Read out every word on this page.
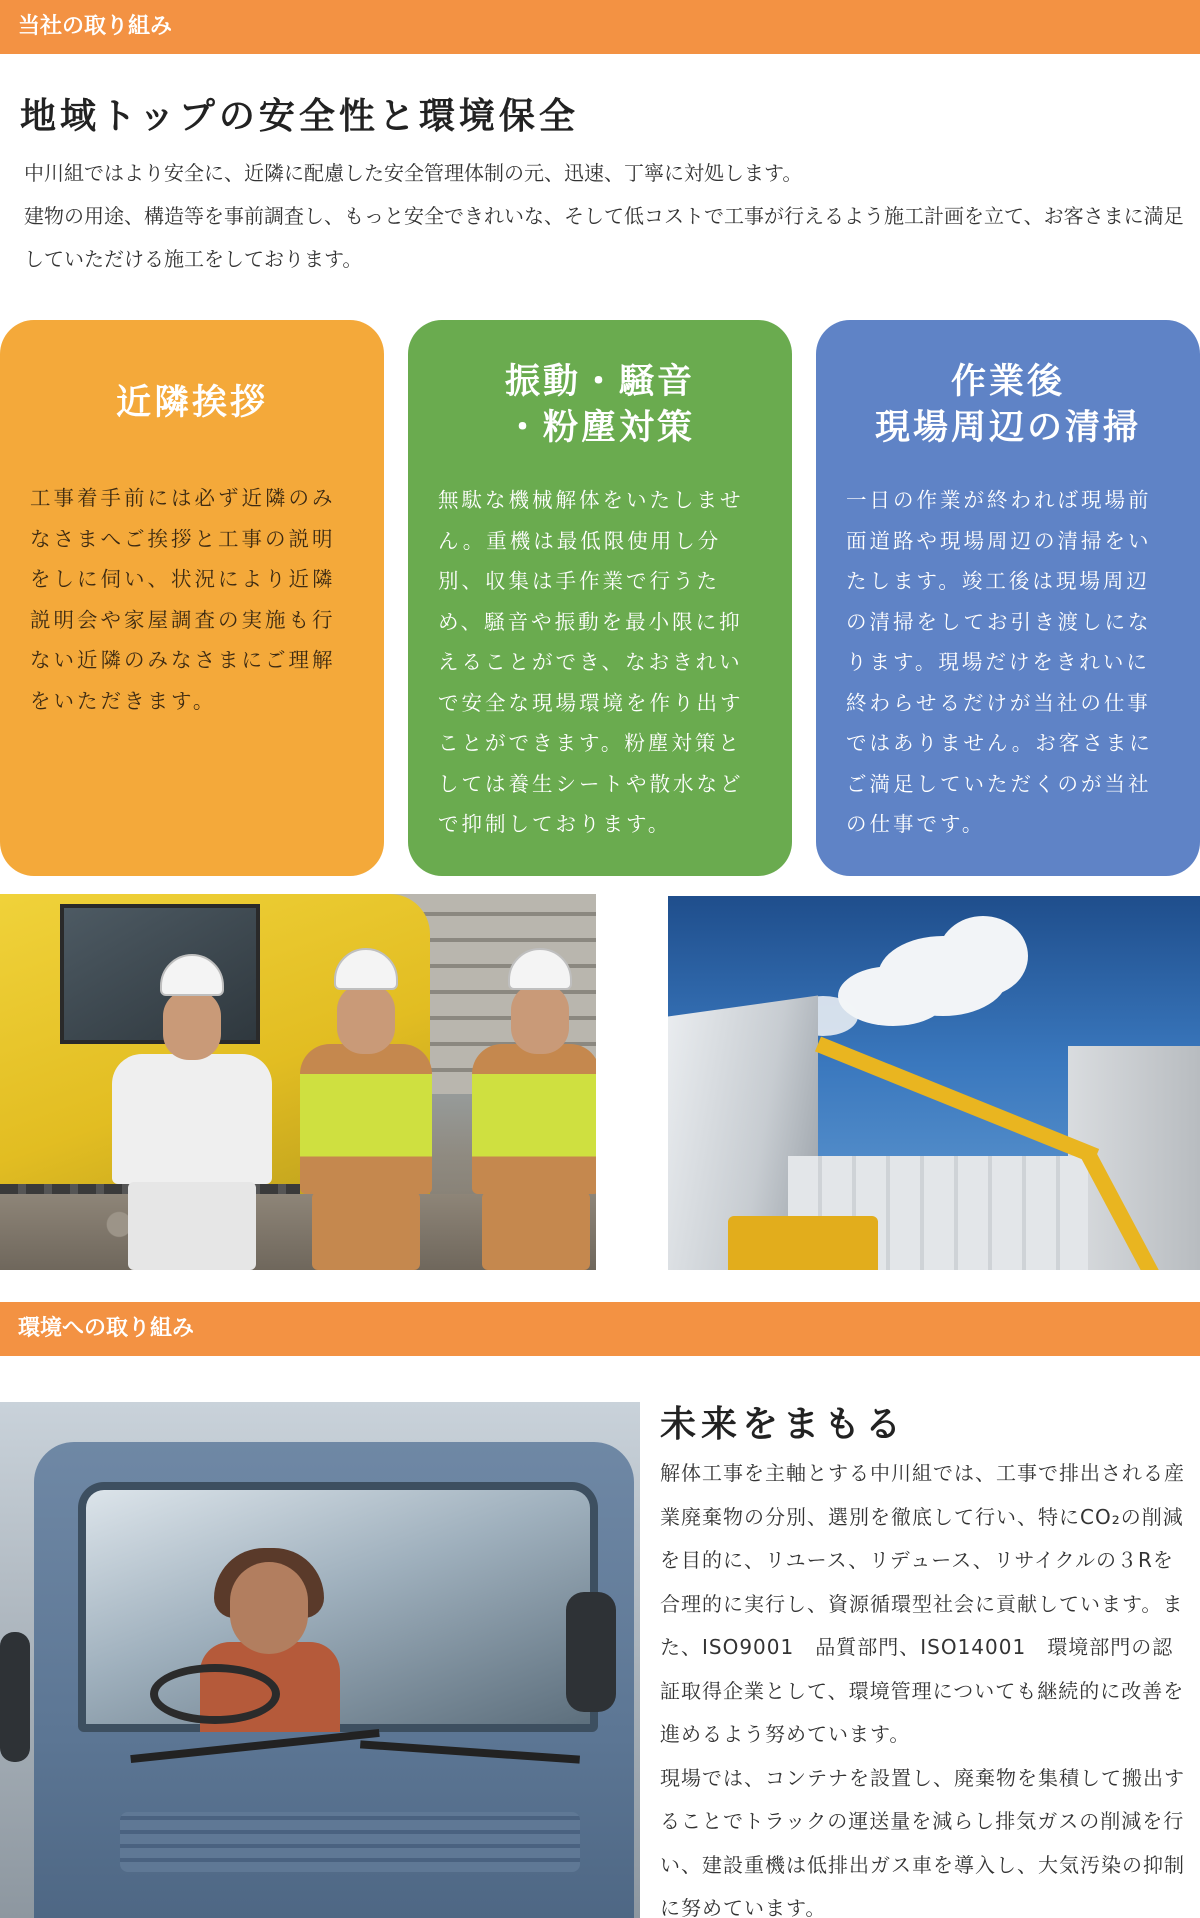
当社の取り組み
地域トップの安全性と環境保全

中川組ではより安全に、近隣に配慮した安全管理体制の元、迅速、丁寧に対処します。

建物の用途、構造等を事前調査し、もっと安全できれいな、そして低コストで工事が行えるよう施工計画を立て、お客さまに満足していただける施工をしております。

近隣挨拶
工事着手前には必ず近隣のみなさまへご挨拶と工事の説明をしに伺い、状況により近隣説明会や家屋調査の実施も行ない近隣のみなさまにご理解をいただきます。
振動・騒音
・粉塵対策
無駄な機械解体をいたしません。重機は最低限使用し分別、収集は手作業で行うため、騒音や振動を最小限に抑えることができ、なおきれいで安全な現場環境を作り出すことができます。粉塵対策としては養生シートや散水などで抑制しております。
作業後
現場周辺の清掃
一日の作業が終われば現場前面道路や現場周辺の清掃をいたします。竣工後は現場周辺の清掃をしてお引き渡しになります。現場だけをきれいに終わらせるだけが当社の仕事ではありません。お客さまにご満足していただくのが当社の仕事です。
環境への取り組み
未来をまもる

解体工事を主軸とする中川組では、工事で排出される産業廃棄物の分別、選別を徹底して行い、特にCO₂の削減を目的に、リユース、リデュース、リサイクルの３Rを合理的に実行し、資源循環型社会に貢献しています。また、ISO9001　品質部門、ISO14001　環境部門の認証取得企業として、環境管理についても継続的に改善を進めるよう努めています。

現場では、コンテナを設置し、廃棄物を集積して搬出することでトラックの運送量を減らし排気ガスの削減を行い、建設重機は低排出ガス車を導入し、大気汚染の抑制に努めています。
